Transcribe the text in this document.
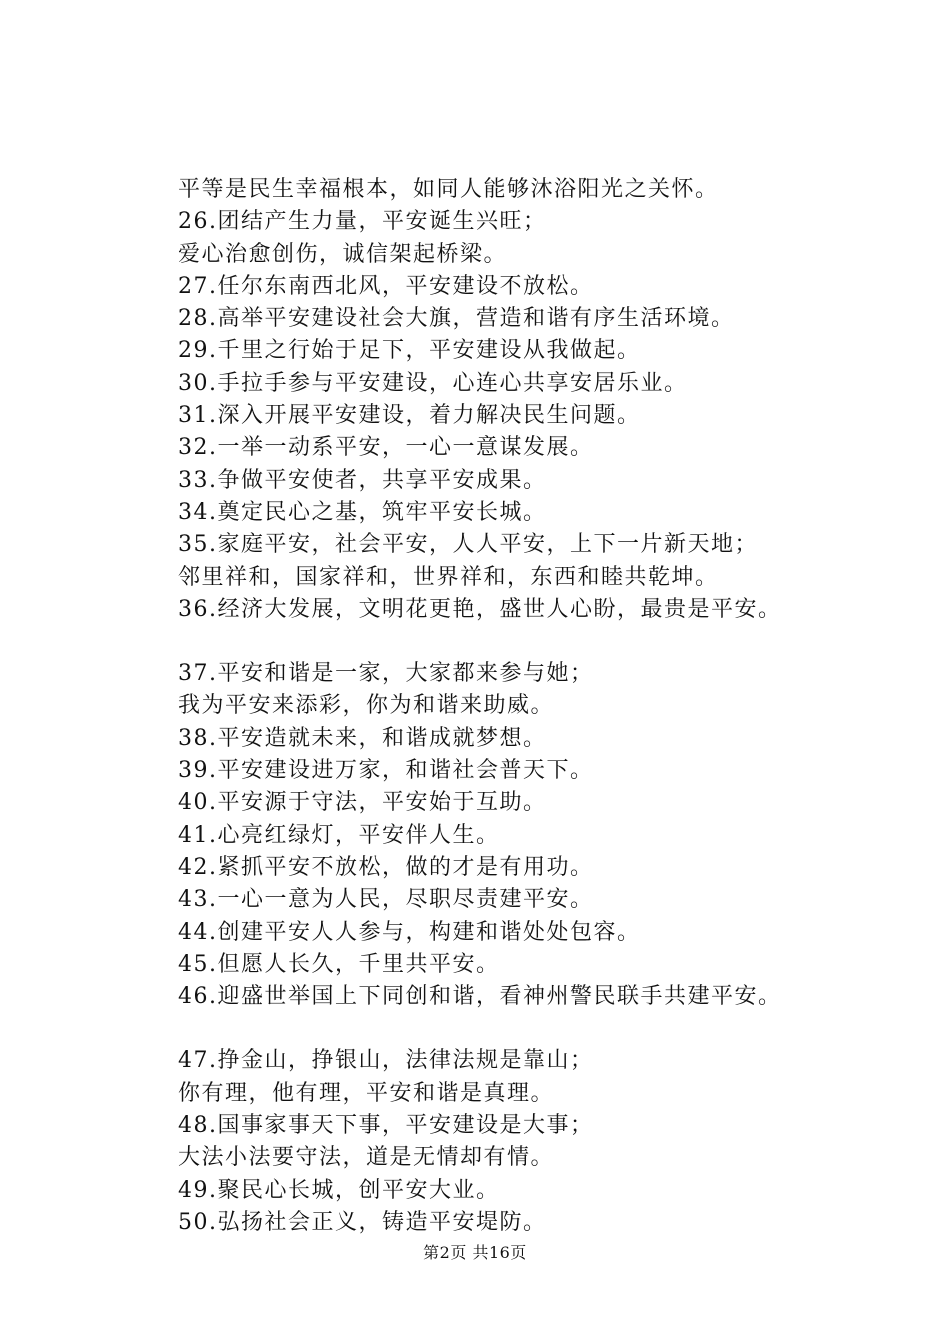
平等是民生幸福根本，如同人能够沐浴阳光之关怀。
26.团结产生力量，平安诞生兴旺；
爱心治愈创伤，诚信架起桥梁。
27.任尔东南西北风，平安建设不放松。
28.高举平安建设社会大旗，营造和谐有序生活环境。
29.千里之行始于足下，平安建设从我做起。
30.手拉手参与平安建设，心连心共享安居乐业。
31.深入开展平安建设，着力解决民生问题。
32.一举一动系平安，一心一意谋发展。
33.争做平安使者，共享平安成果。
34.奠定民心之基，筑牢平安长城。
35.家庭平安，社会平安，人人平安，上下一片新天地；
邻里祥和，国家祥和，世界祥和，东西和睦共乾坤。
36.经济大发展，文明花更艳，盛世人心盼，最贵是平安。
37.平安和谐是一家，大家都来参与她；
我为平安来添彩，你为和谐来助威。
38.平安造就未来，和谐成就梦想。
39.平安建设进万家，和谐社会普天下。
40.平安源于守法，平安始于互助。
41.心亮红绿灯，平安伴人生。
42.紧抓平安不放松，做的才是有用功。
43.一心一意为人民，尽职尽责建平安。
44.创建平安人人参与，构建和谐处处包容。
45.但愿人长久，千里共平安。
46.迎盛世举国上下同创和谐，看神州警民联手共建平安。
47.挣金山，挣银山，法律法规是靠山；
你有理，他有理，平安和谐是真理。
48.国事家事天下事，平安建设是大事；
大法小法要守法，道是无情却有情。
49.聚民心长城，创平安大业。
50.弘扬社会正义，铸造平安堤防。
第2页 共16页
